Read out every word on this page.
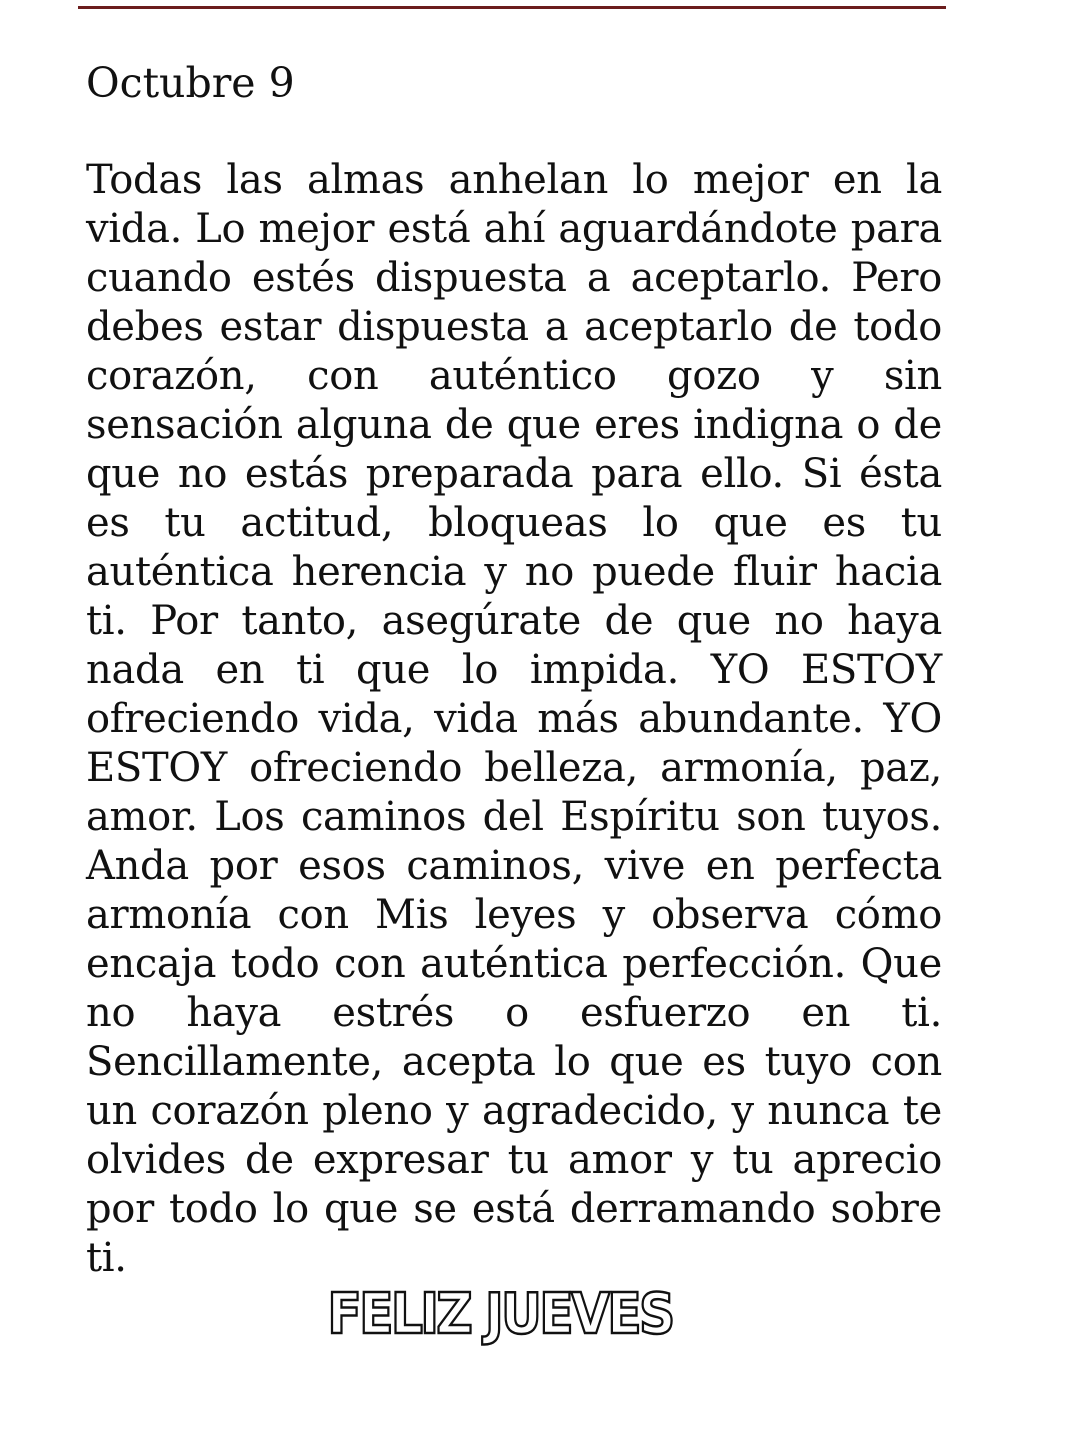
Octubre 9

Todas las almas anhelan lo mejor en la vida. Lo mejor está ahí aguardándote para cuando estés dispuesta a aceptarlo. Pero debes estar dispuesta a aceptarlo de todo corazón, con auténtico gozo y sin sensación alguna de que eres indigna o de que no estás preparada para ello. Si ésta es tu actitud, bloqueas lo que es tu auténtica herencia y no puede fluir hacia ti. Por tanto, asegúrate de que no haya nada en ti que lo impida. YO ESTOY ofreciendo vida, vida más abundante. YO ESTOY ofreciendo belleza, armonía, paz, amor. Los caminos del Espíritu son tuyos. Anda por esos caminos, vive en perfecta armonía con Mis leyes y observa cómo encaja todo con auténtica perfección. Que no haya estrés o esfuerzo en ti. Sencillamente, acepta lo que es tuyo con un corazón pleno y agradecido, y nunca te olvides de expresar tu amor y tu aprecio por todo lo que se está derramando sobre ti.

FELIZ JUEVES
